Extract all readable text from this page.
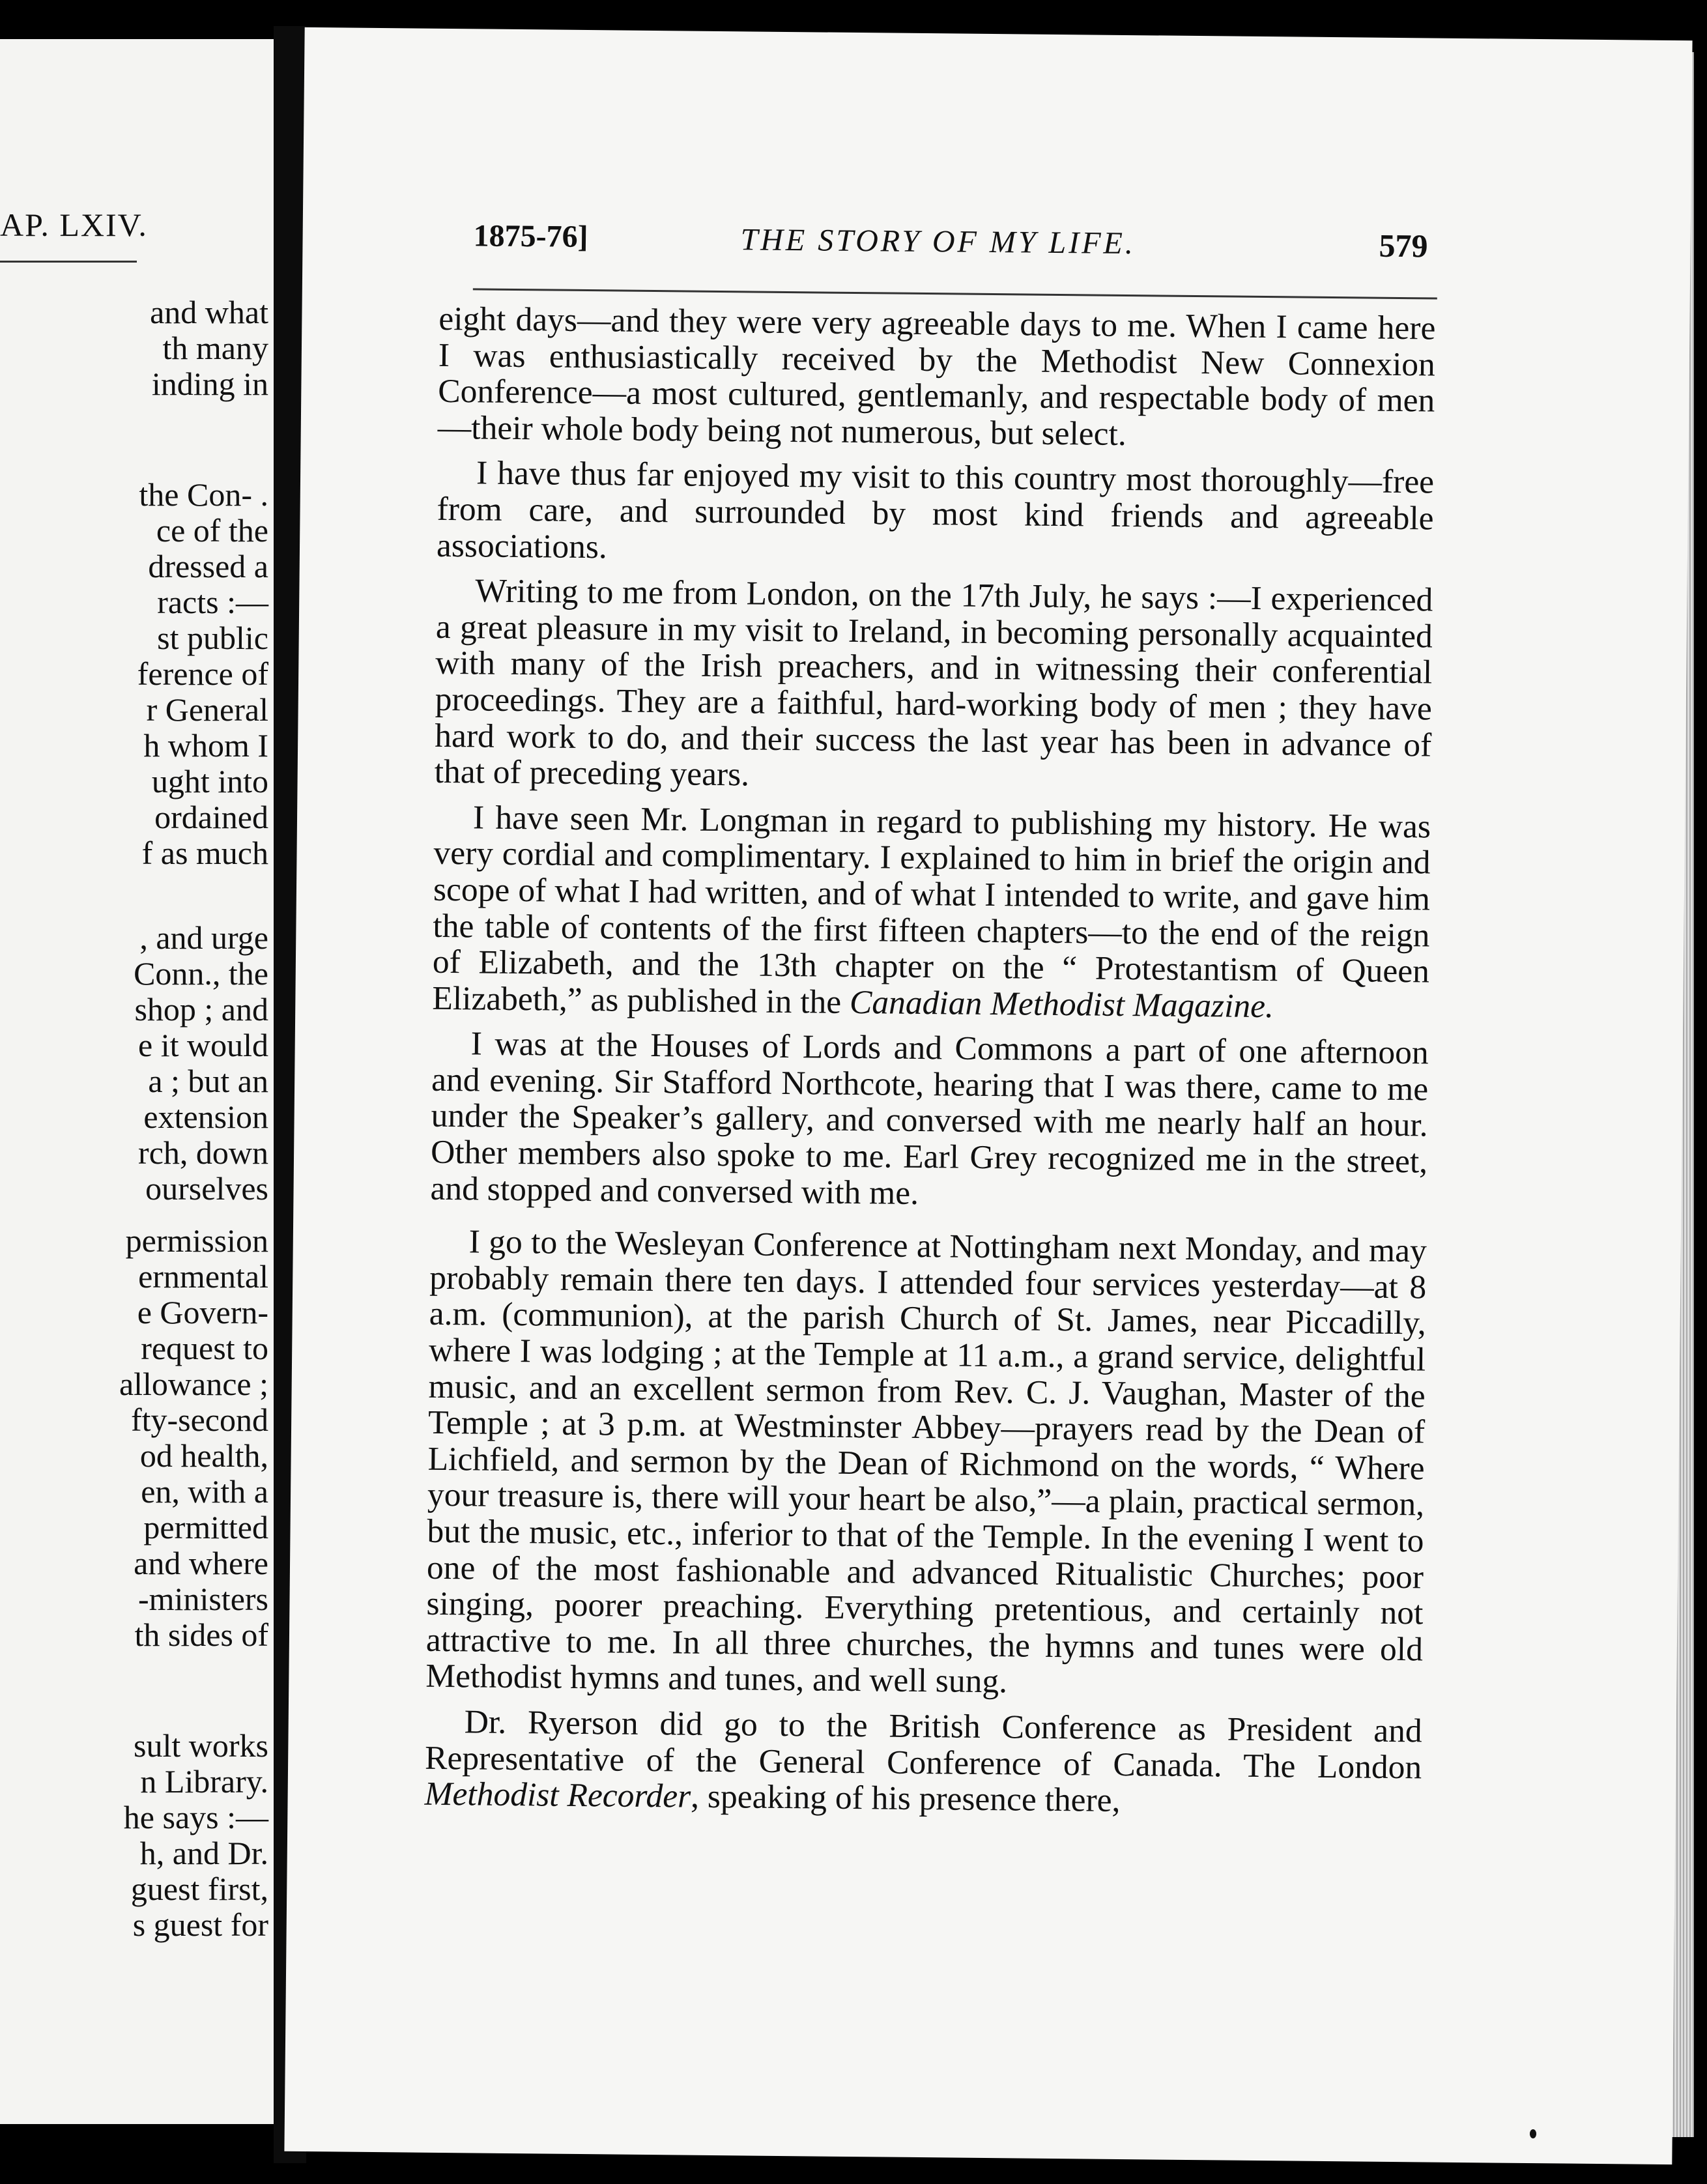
AP. LXIV.
and what
th many
inding in
the Con- .
ce of the
dressed a
racts :—
st public
ference of
r General
h whom I
ught into
ordained
f as much
, and urge
Conn., the
shop ; and
e it would
a ; but an
extension
rch, down
ourselves
permission
ernmental
e Govern-
request to
allowance ;
fty-second
od health,
en, with a
permitted
and where
-ministers
th sides of
sult works
n Library.
he says :—
h, and Dr.
guest first,
s guest for
1875-76]	THE STORY OF MY LIFE.	579

eight days—and they were very agreeable days to me. When I came here I was enthusiastically received by the Methodist New Connexion Conference—a most cultured, gentlemanly, and respectable body of men—their whole body being not numerous, but select.

I have thus far enjoyed my visit to this country most thoroughly—free from care, and surrounded by most kind friends and agreeable associations.

Writing to me from London, on the 17th July, he says :—I experienced a great pleasure in my visit to Ireland, in becoming personally acquainted with many of the Irish preachers, and in witnessing their conferential proceedings. They are a faithful, hard-working body of men ; they have hard work to do, and their success the last year has been in advance of that of preceding years.

I have seen Mr. Longman in regard to publishing my history. He was very cordial and complimentary. I explained to him in brief the origin and scope of what I had written, and of what I intended to write, and gave him the table of contents of the first fifteen chapters—to the end of the reign of Elizabeth, and the 13th chapter on the “ Protestantism of Queen Elizabeth,” as published in the Canadian Methodist Magazine.

I was at the Houses of Lords and Commons a part of one afternoon and evening. Sir Stafford Northcote, hearing that I was there, came to me under the Speaker’s gallery, and conversed with me nearly half an hour. Other members also spoke to me. Earl Grey recognized me in the street, and stopped and conversed with me.

I go to the Wesleyan Conference at Nottingham next Monday, and may probably remain there ten days. I attended four services yesterday—at 8 a.m. (communion), at the parish Church of St. James, near Piccadilly, where I was lodging ; at the Temple at 11 a.m., a grand service, delightful music, and an excellent sermon from Rev. C. J. Vaughan, Master of the Temple ; at 3 p.m. at Westminster Abbey—prayers read by the Dean of Lichfield, and sermon by the Dean of Richmond on the words, “ Where your treasure is, there will your heart be also,”—a plain, practical sermon, but the music, etc., inferior to that of the Temple. In the evening I went to one of the most fashionable and advanced Ritualistic Churches; poor singing, poorer preaching. Everything pretentious, and certainly not attractive to me. In all three churches, the hymns and tunes were old Methodist hymns and tunes, and well sung.

Dr. Ryerson did go to the British Conference as President and Representative of the General Conference of Canada. The London Methodist Recorder, speaking of his presence there,
